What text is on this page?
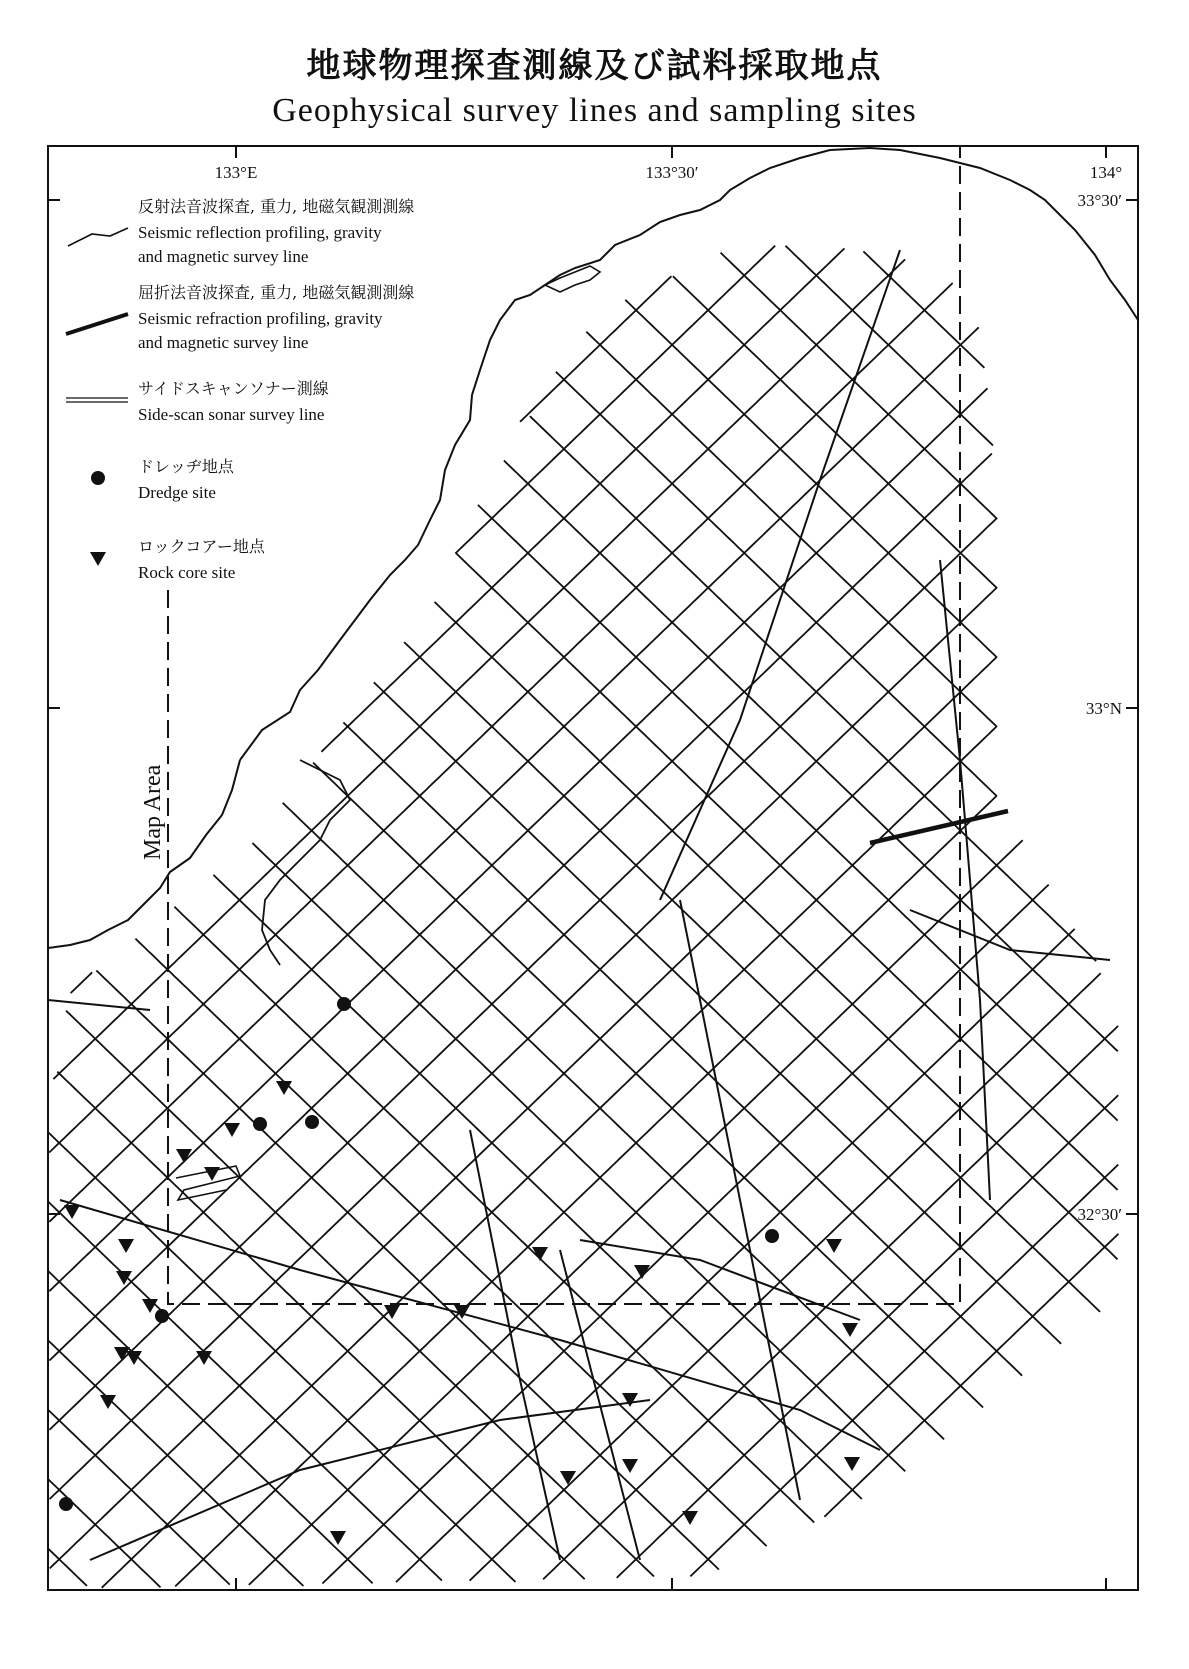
地球物理探査測線及び試料採取地点
Geophysical survey lines and sampling sites
133°E	133°30′	134°
33°30′
33°N
32°30′
Map Area
反射法音波探査, 重力, 地磁気観測測線
Seismic reflection profiling, gravity
and magnetic survey line
屈折法音波探査, 重力, 地磁気観測測線
Seismic refraction profiling, gravity
and magnetic survey line
サイドスキャンソナー測線
Side-scan sonar survey line
ドレッヂ地点
Dredge site
ロックコアー地点
Rock core site
